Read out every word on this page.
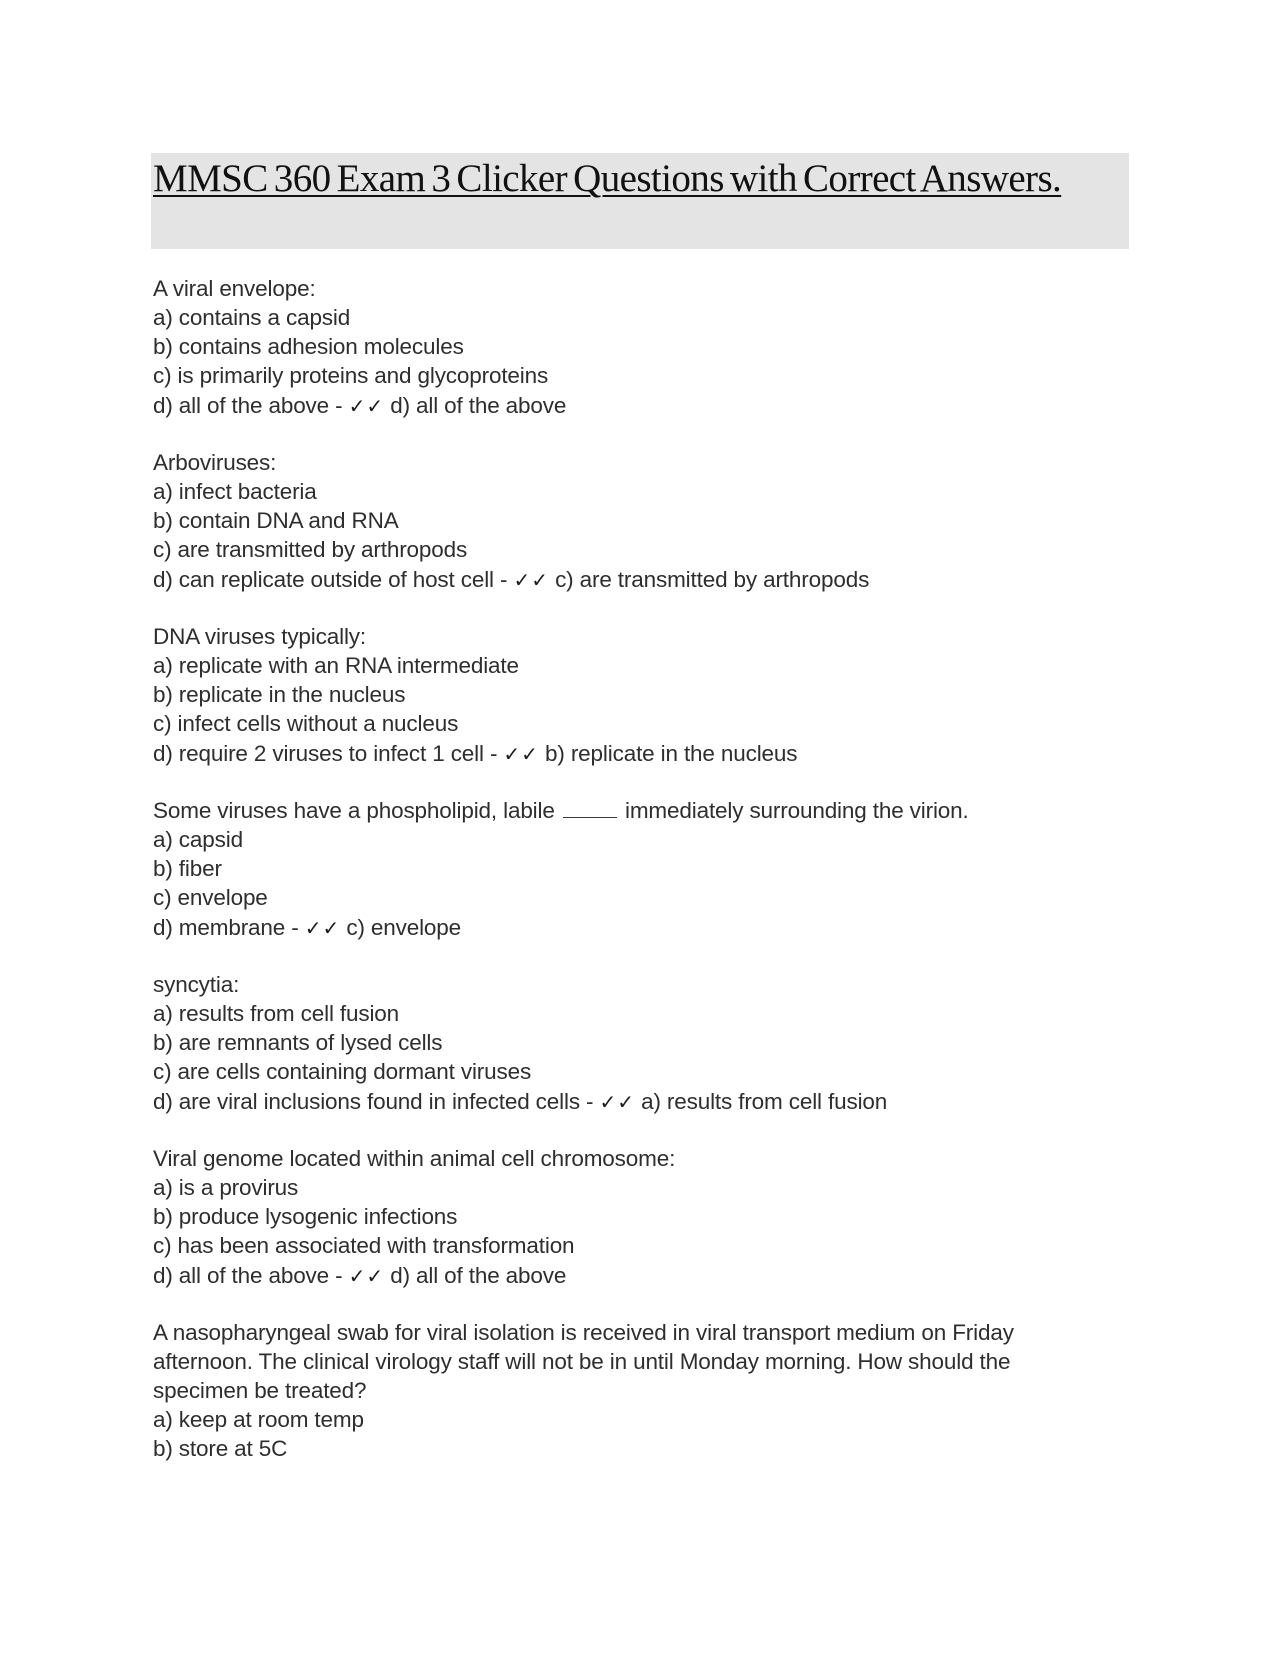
MMSC 360 Exam 3 Clicker Questions with Correct Answers.
A viral envelope:
a) contains a capsid
b) contains adhesion molecules
c) is primarily proteins and glycoproteins
d) all of the above - ✓✓ d) all of the above
Arboviruses:
a) infect bacteria
b) contain DNA and RNA
c) are transmitted by arthropods
d) can replicate outside of host cell - ✓✓ c) are transmitted by arthropods
DNA viruses typically:
a) replicate with an RNA intermediate
b) replicate in the nucleus
c) infect cells without a nucleus
d) require 2 viruses to infect 1 cell - ✓✓ b) replicate in the nucleus
Some viruses have a phospholipid, labile	immediately surrounding the virion.
a) capsid
b) fiber
c) envelope
d) membrane - ✓✓ c) envelope
syncytia:
a) results from cell fusion
b) are remnants of lysed cells
c) are cells containing dormant viruses
d) are viral inclusions found in infected cells - ✓✓ a) results from cell fusion
Viral genome located within animal cell chromosome:
a) is a provirus
b) produce lysogenic infections
c) has been associated with transformation
d) all of the above - ✓✓ d) all of the above
A nasopharyngeal swab for viral isolation is received in viral transport medium on Friday
afternoon. The clinical virology staff will not be in until Monday morning. How should the
specimen be treated?
a) keep at room temp
b) store at 5C
